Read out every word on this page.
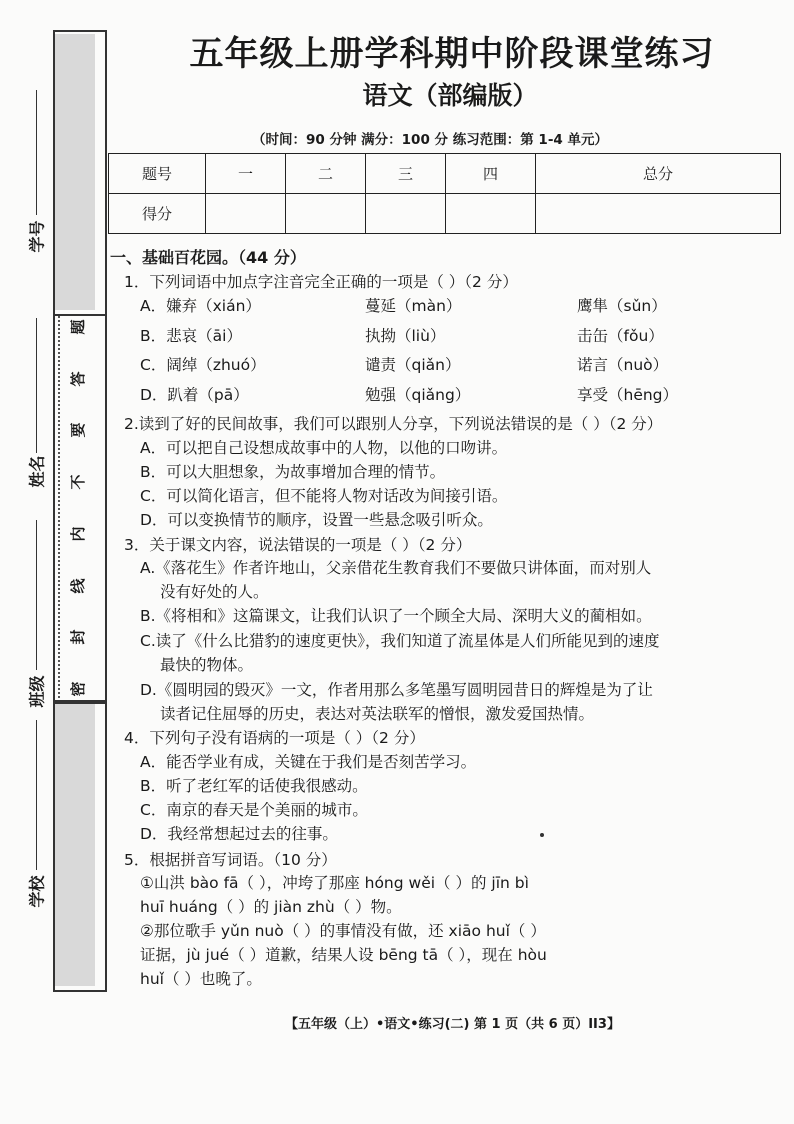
题
答
要
不
内
线
封
密
学号
姓名
班级
学校
五年级上册学科期中阶段课堂练习
语文（部编版）
（时间：90 分钟 满分：100 分 练习范围：第 1-4 单元）
题号	一	二	三	四	总分
得分					
一、基础百花园。（44 分）
1．下列词语中加点字注音完全正确的一项是（ ）（2 分）
A．嫌弃（xián）	蔓延（màn）	鹰隼（sǔn）
B．悲哀（āi）	执拗（liù）	击缶（fǒu）
C．阔绰（zhuó）	谴责（qiǎn）	诺言（nuò）
D．趴着（pā）	勉强（qiǎng）	享受（hēng）
2.读到了好的民间故事，我们可以跟别人分享，下列说法错误的是（ ）（2 分）
A．可以把自己设想成故事中的人物，以他的口吻讲。
B．可以大胆想象，为故事增加合理的情节。
C．可以简化语言，但不能将人物对话改为间接引语。
D．可以变换情节的顺序，设置一些悬念吸引听众。
3．关于课文内容，说法错误的一项是（ ）（2 分）
A.《落花生》作者许地山，父亲借花生教育我们不要做只讲体面，而对别人
没有好处的人。
B.《将相和》这篇课文，让我们认识了一个顾全大局、深明大义的蔺相如。
C.读了《什么比猎豹的速度更快》，我们知道了流星体是人们所能见到的速度
最快的物体。
D.《圆明园的毁灭》一文，作者用那么多笔墨写圆明园昔日的辉煌是为了让
读者记住屈辱的历史，表达对英法联军的憎恨，激发爱国热情。
4．下列句子没有语病的一项是（ ）（2 分）
A．能否学业有成，关键在于我们是否刻苦学习。
B．听了老红军的话使我很感动。
C．南京的春天是个美丽的城市。
D．我经常想起过去的往事。
5．根据拼音写词语。（10 分）
①山洪 bào fā（ ），冲垮了那座 hóng wěi（ ）的 jīn bì
huī huáng（ ）的 jiàn zhù（ ）物。
②那位歌手 yǔn nuò（ ）的事情没有做，还 xiāo huǐ（ ）
证据，jù jué（ ）道歉，结果人设 bēng tā（ ），现在 hòu
huǐ（ ）也晚了。
【五年级（上）•语文•练习(二) 第 1 页（共 6 页）II3】
